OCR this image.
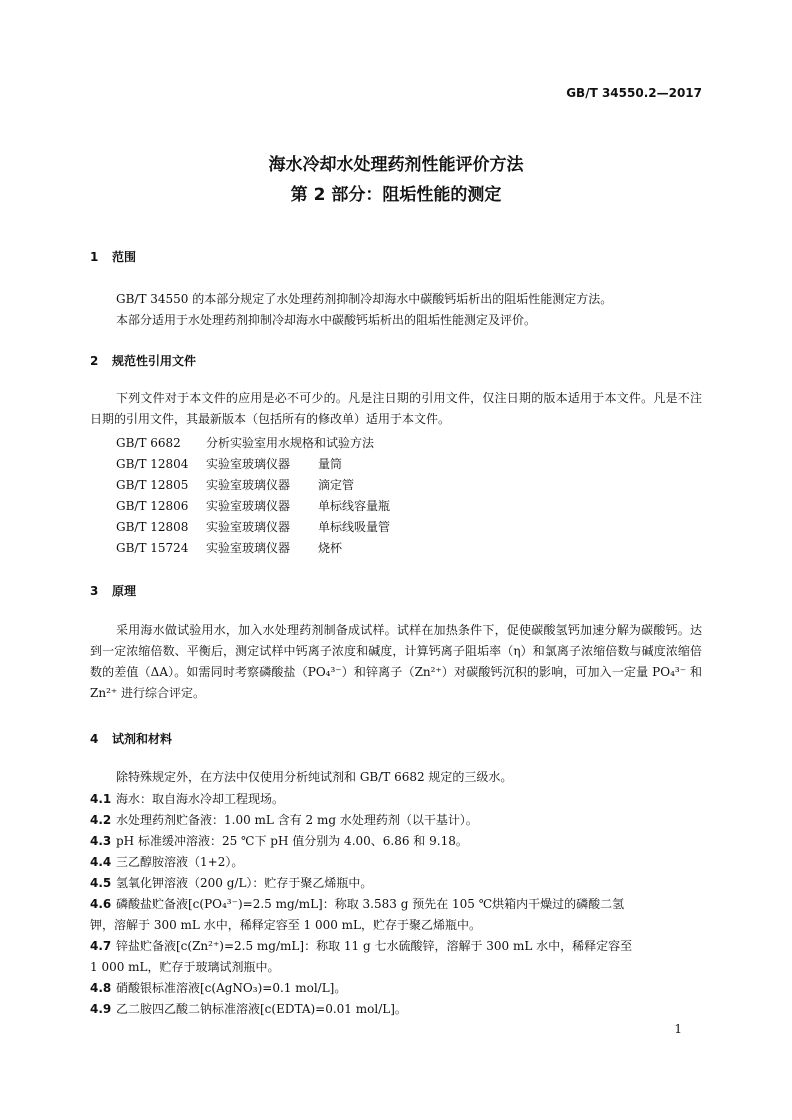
GB/T 34550.2—2017
海水冷却水处理药剂性能评价方法
第 2 部分：阻垢性能的测定
1 范围
GB/T 34550 的本部分规定了水处理药剂抑制冷却海水中碳酸钙垢析出的阻垢性能测定方法。
本部分适用于水处理药剂抑制冷却海水中碳酸钙垢析出的阻垢性能测定及评价。
2 规范性引用文件
下列文件对于本文件的应用是必不可少的。凡是注日期的引用文件，仅注日期的版本适用于本文件。凡是不注日期的引用文件，其最新版本（包括所有的修改单）适用于本文件。
GB/T 6682 分析实验室用水规格和试验方法
GB/T 12804 实验室玻璃仪器 量筒
GB/T 12805 实验室玻璃仪器 滴定管
GB/T 12806 实验室玻璃仪器 单标线容量瓶
GB/T 12808 实验室玻璃仪器 单标线吸量管
GB/T 15724 实验室玻璃仪器 烧杯
3 原理
采用海水做试验用水，加入水处理药剂制备成试样。试样在加热条件下，促使碳酸氢钙加速分解为碳酸钙。达到一定浓缩倍数、平衡后，测定试样中钙离子浓度和碱度，计算钙离子阻垢率（η）和氯离子浓缩倍数与碱度浓缩倍数的差值（ΔA）。如需同时考察磷酸盐（PO₄³⁻）和锌离子（Zn²⁺）对碳酸钙沉积的影响，可加入一定量 PO₄³⁻ 和 Zn²⁺ 进行综合评定。
4 试剂和材料
除特殊规定外，在方法中仅使用分析纯试剂和 GB/T 6682 规定的三级水。
4.1 海水：取自海水冷却工程现场。
4.2 水处理药剂贮备液：1.00 mL 含有 2 mg 水处理药剂（以干基计）。
4.3 pH 标准缓冲溶液：25 ℃下 pH 值分别为 4.00、6.86 和 9.18。
4.4 三乙醇胺溶液（1+2）。
4.5 氢氧化钾溶液（200 g/L）：贮存于聚乙烯瓶中。
4.6 磷酸盐贮备液[c(PO₄³⁻)=2.5 mg/mL]：称取 3.583 g 预先在 105 ℃烘箱内干燥过的磷酸二氢
钾，溶解于 300 mL 水中，稀释定容至 1 000 mL，贮存于聚乙烯瓶中。
4.7 锌盐贮备液[c(Zn²⁺)=2.5 mg/mL]：称取 11 g 七水硫酸锌，溶解于 300 mL 水中，稀释定容至
1 000 mL，贮存于玻璃试剂瓶中。
4.8 硝酸银标准溶液[c(AgNO₃)=0.1 mol/L]。
4.9 乙二胺四乙酸二钠标准溶液[c(EDTA)=0.01 mol/L]。
1
